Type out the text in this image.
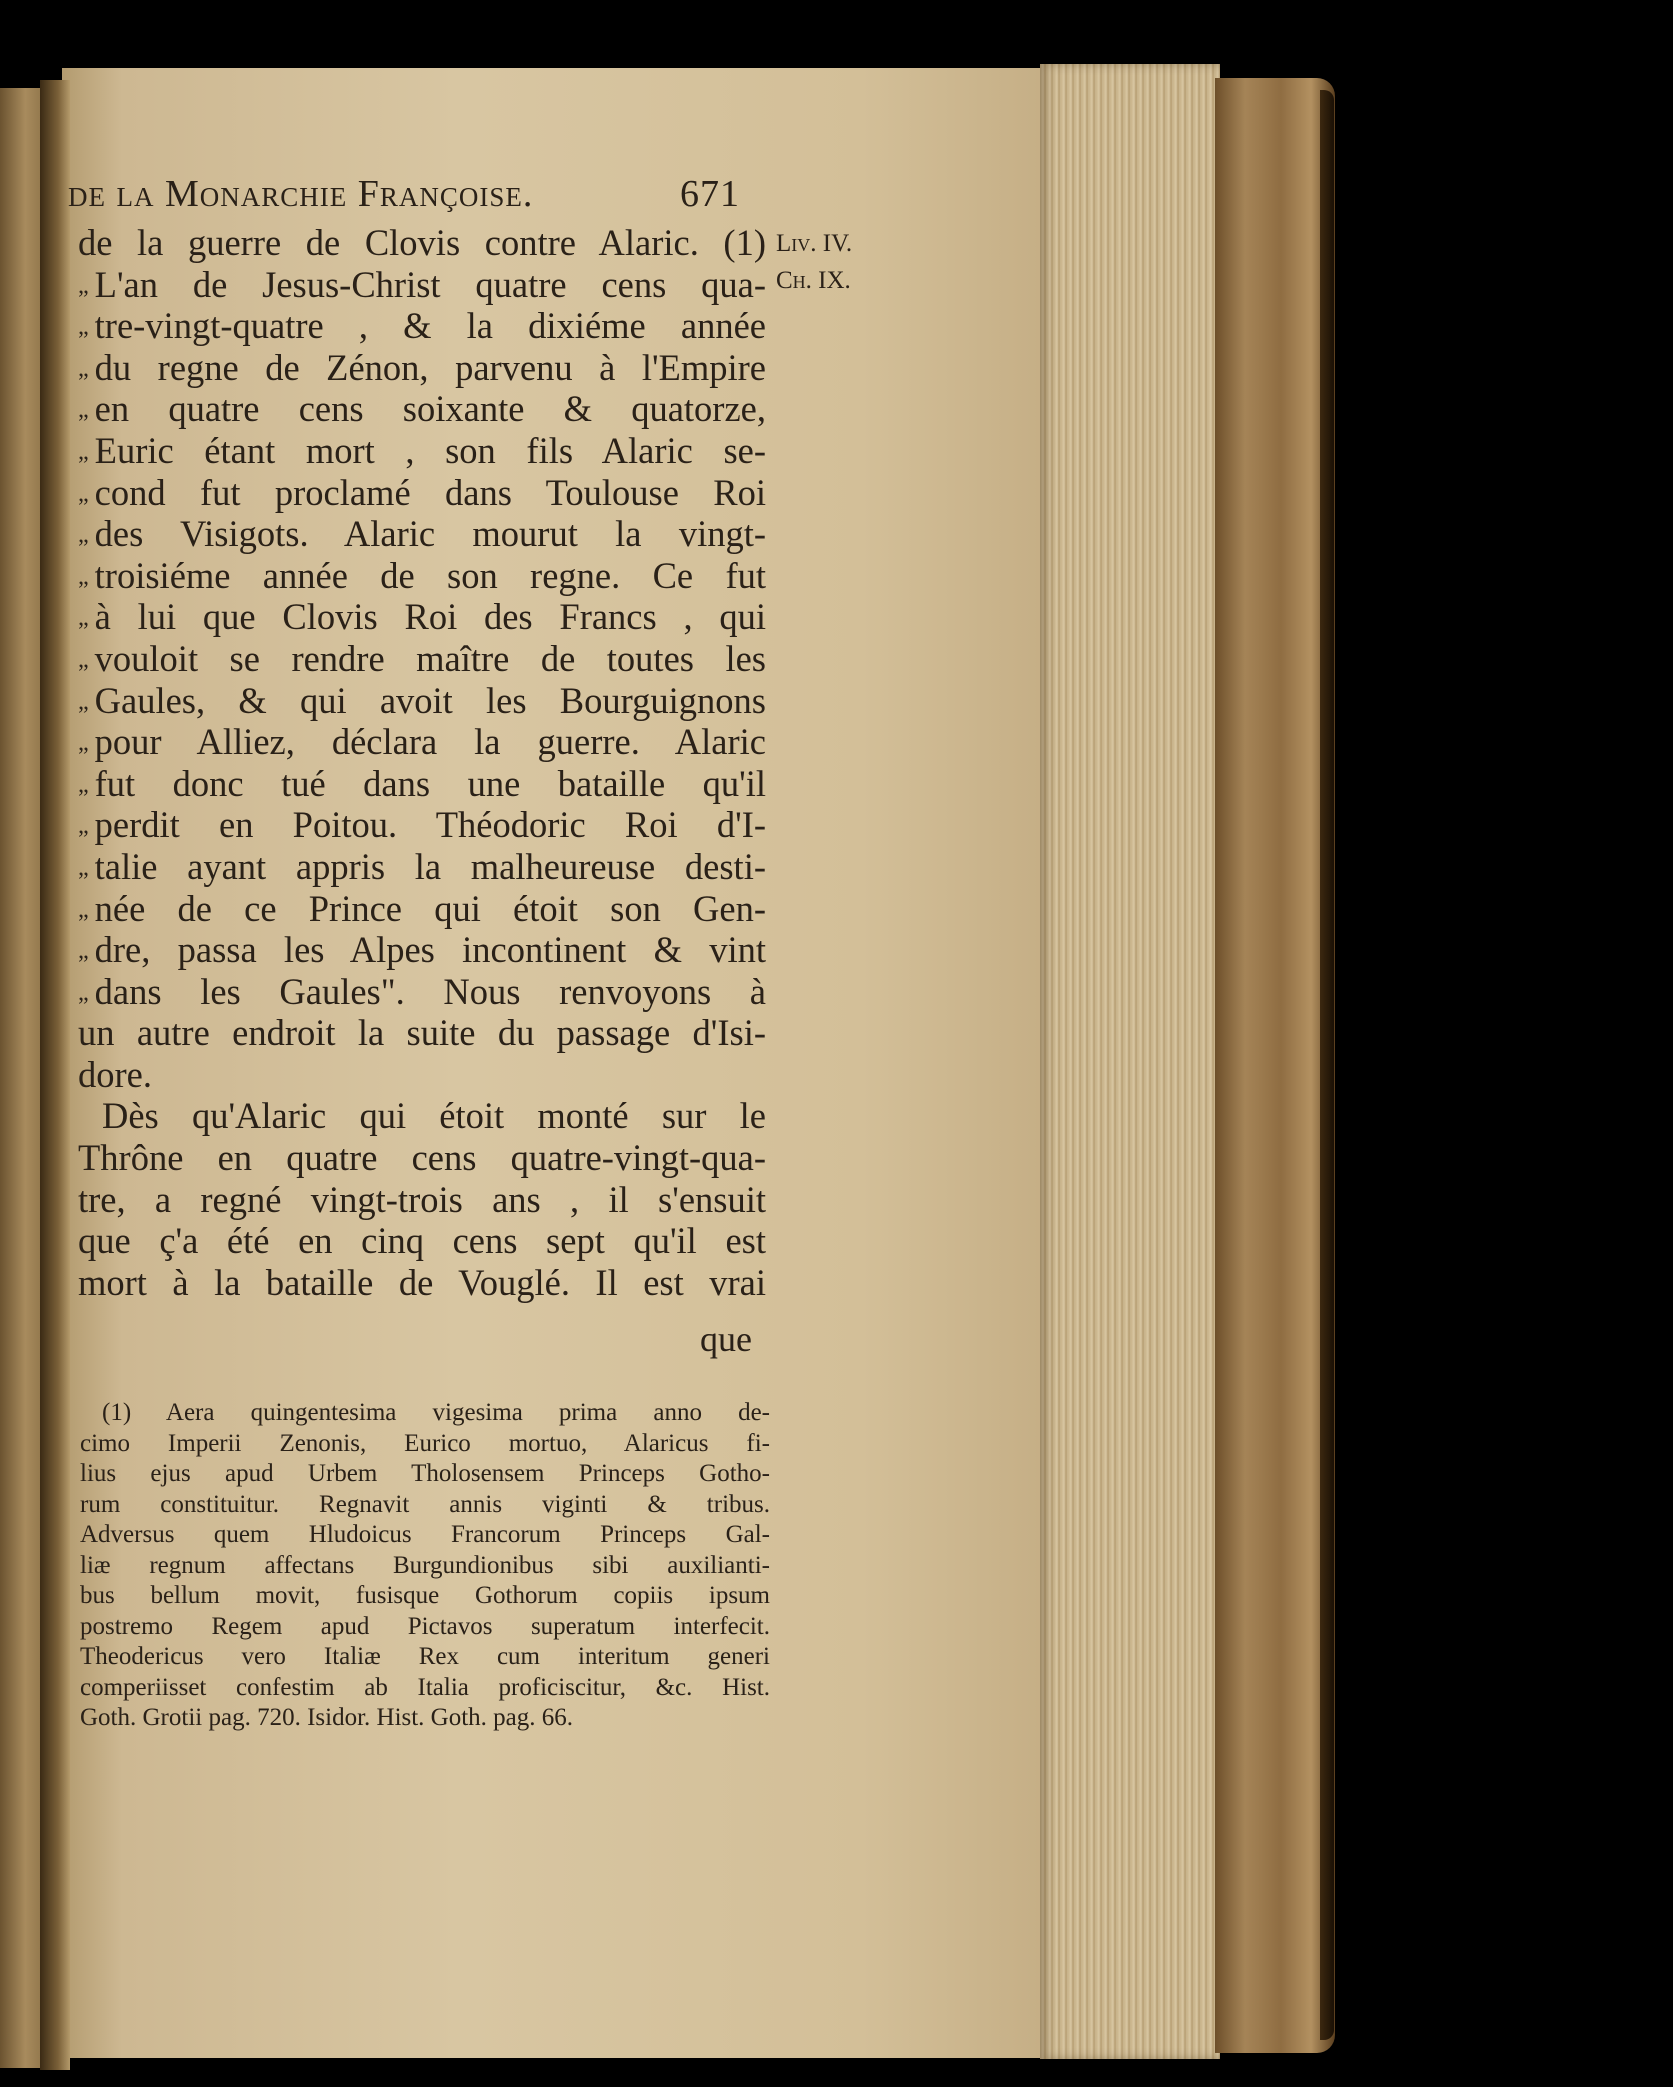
de la Monarchie Françoise.	671
Liv. IV.
Ch. IX.
de la guerre de Clovis contre Alaric. (1)
„ L'an de Jesus-Christ quatre cens qua-
„ tre-vingt-quatre , & la dixiéme année
„ du regne de Zénon, parvenu à l'Empire
„ en quatre cens soixante & quatorze,
„ Euric étant mort , son fils Alaric se-
„ cond fut proclamé dans Toulouse Roi
„ des Visigots. Alaric mourut la vingt-
„ troisiéme année de son regne. Ce fut
„ à lui que Clovis Roi des Francs , qui
„ vouloit se rendre maître de toutes les
„ Gaules, & qui avoit les Bourguignons
„ pour Alliez, déclara la guerre. Alaric
„ fut donc tué dans une bataille qu'il
„ perdit en Poitou. Théodoric Roi d'I-
„ talie ayant appris la malheureuse desti-
„ née de ce Prince qui étoit son Gen-
„ dre, passa les Alpes incontinent & vint
„ dans les Gaules". Nous renvoyons à
un autre endroit la suite du passage d'Isi-
dore.
Dès qu'Alaric qui étoit monté sur le
Thrône en quatre cens quatre-vingt-qua-
tre, a regné vingt-trois ans , il s'ensuit
que ç'a été en cinq cens sept qu'il est
mort à la bataille de Vouglé. Il est vrai
que
(1) Aera quingentesima vigesima prima anno de-
cimo Imperii Zenonis, Eurico mortuo, Alaricus fi-
lius ejus apud Urbem Tholosensem Princeps Gotho-
rum constituitur. Regnavit annis viginti & tribus.
Adversus quem Hludoicus Francorum Princeps Gal-
liæ regnum affectans Burgundionibus sibi auxilianti-
bus bellum movit, fusisque Gothorum copiis ipsum
postremo Regem apud Pictavos superatum interfecit.
Theodericus vero Italiæ Rex cum interitum generi
comperiisset confestim ab Italia proficiscitur, &c. Hist.
Goth. Grotii pag. 720. Isidor. Hist. Goth. pag. 66.
